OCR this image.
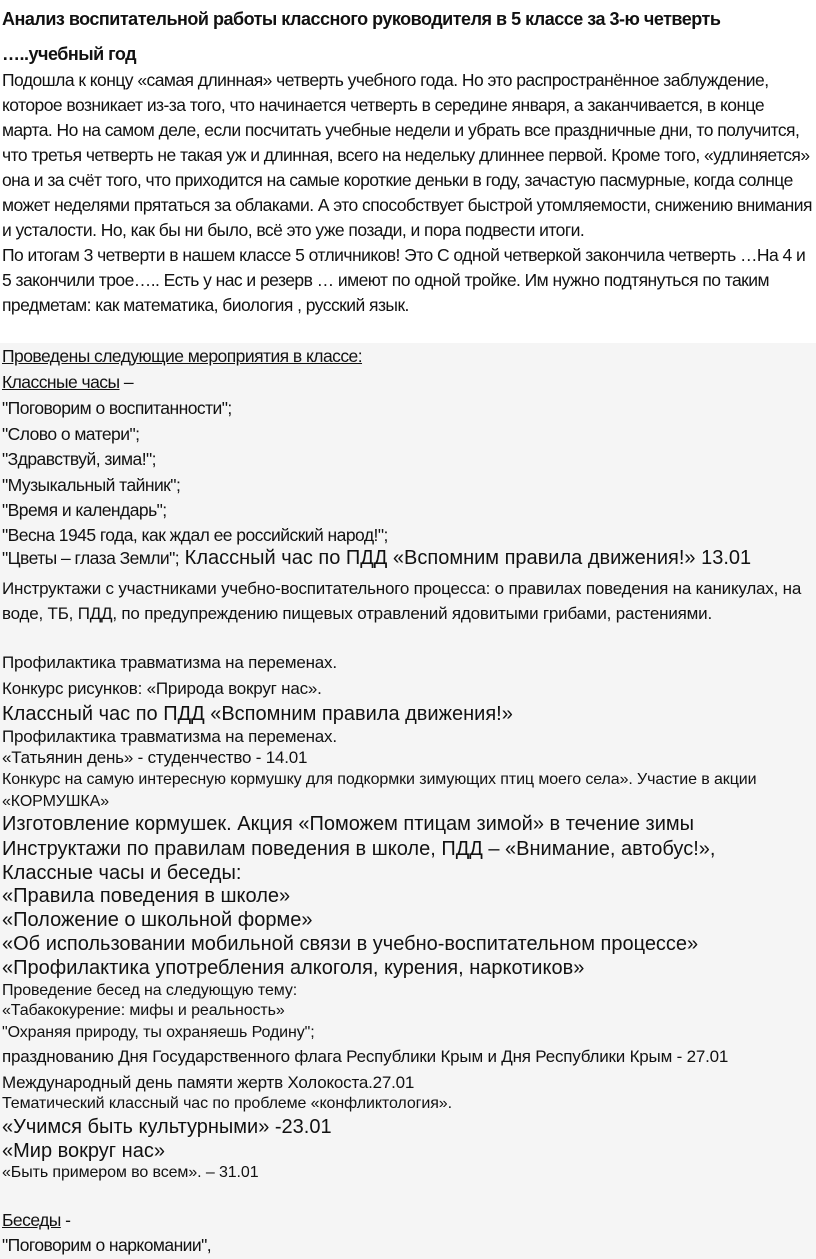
Анализ воспитательной работы классного руководителя в 5 классе за 3-ю четверть
…..учебный год

Подошла к концу «самая длинная» четверть учебного года. Но это распространённое заблуждение, которое возникает из-за того, что начинается четверть в середине января, а заканчивается, в конце марта. Но на самом деле, если посчитать учебные недели и убрать все праздничные дни, то получится, что третья четверть не такая уж и длинная, всего на недельку длиннее первой. Кроме того, «удлиняется» она и за счёт того, что приходится на самые короткие деньки в году, зачастую пасмурные, когда солнце может неделями прятаться за облаками. А это способствует быстрой утомляемости, снижению внимания и усталости. Но, как бы ни было, всё это уже позади, и пора подвести итоги.

По итогам 3 четверти в нашем классе 5 отличников! Это С одной четверкой закончила четверть …На 4 и 5 закончили трое….. Есть у нас и резерв … имеют по одной тройке. Им нужно подтянуться по таким предметам: как математика, биология , русский язык.

Проведены следующие мероприятия в классе:
Классные часы –
"Поговорим о воспитанности";
"Слово о матери";
"Здравствуй, зима!";
"Музыкальный тайник";
"Время и календарь";
"Весна 1945 года, как ждал ее российский народ!";
"Цветы – глаза Земли"; Классный час по ПДД «Вспомним правила движения!» 13.01
Инструктажи с участниками учебно-воспитательного процесса: о правилах поведения на каникулах, на воде, ТБ, ПДД, по предупреждению пищевых отравлений ядовитыми грибами, растениями.
Профилактика травматизма на переменах.
Конкурс рисунков: «Природа вокруг нас».
Классный час по ПДД «Вспомним правила движения!»
Профилактика травматизма на переменах.
«Татьянин день» - студенчество - 14.01
Конкурс на самую интересную кормушку для подкормки зимующих птиц моего села». Участие в акции «КОРМУШКА»
Изготовление кормушек. Акция «Поможем птицам зимой» в течение зимы
Инструктажи по правилам поведения в школе, ПДД – «Внимание, автобус!»,
Классные часы и беседы:
«Правила поведения в школе»
«Положение о школьной форме»
«Об использовании мобильной связи в учебно-воспитательном процессе»
«Профилактика употребления алкоголя, курения, наркотиков»
Проведение бесед на следующую тему:
«Табакокурение: мифы и реальность»
"Охраняя природу, ты охраняешь Родину";
празднованию Дня Государственного флага Республики Крым и Дня Республики Крым - 27.01
Международный день памяти жертв Холокоста.27.01
Тематический классный час по проблеме «конфликтология».
«Учимся быть культурными» -23.01
«Мир вокруг нас»
«Быть примером во всем». – 31.01
Беседы -
"Поговорим о наркомании",
